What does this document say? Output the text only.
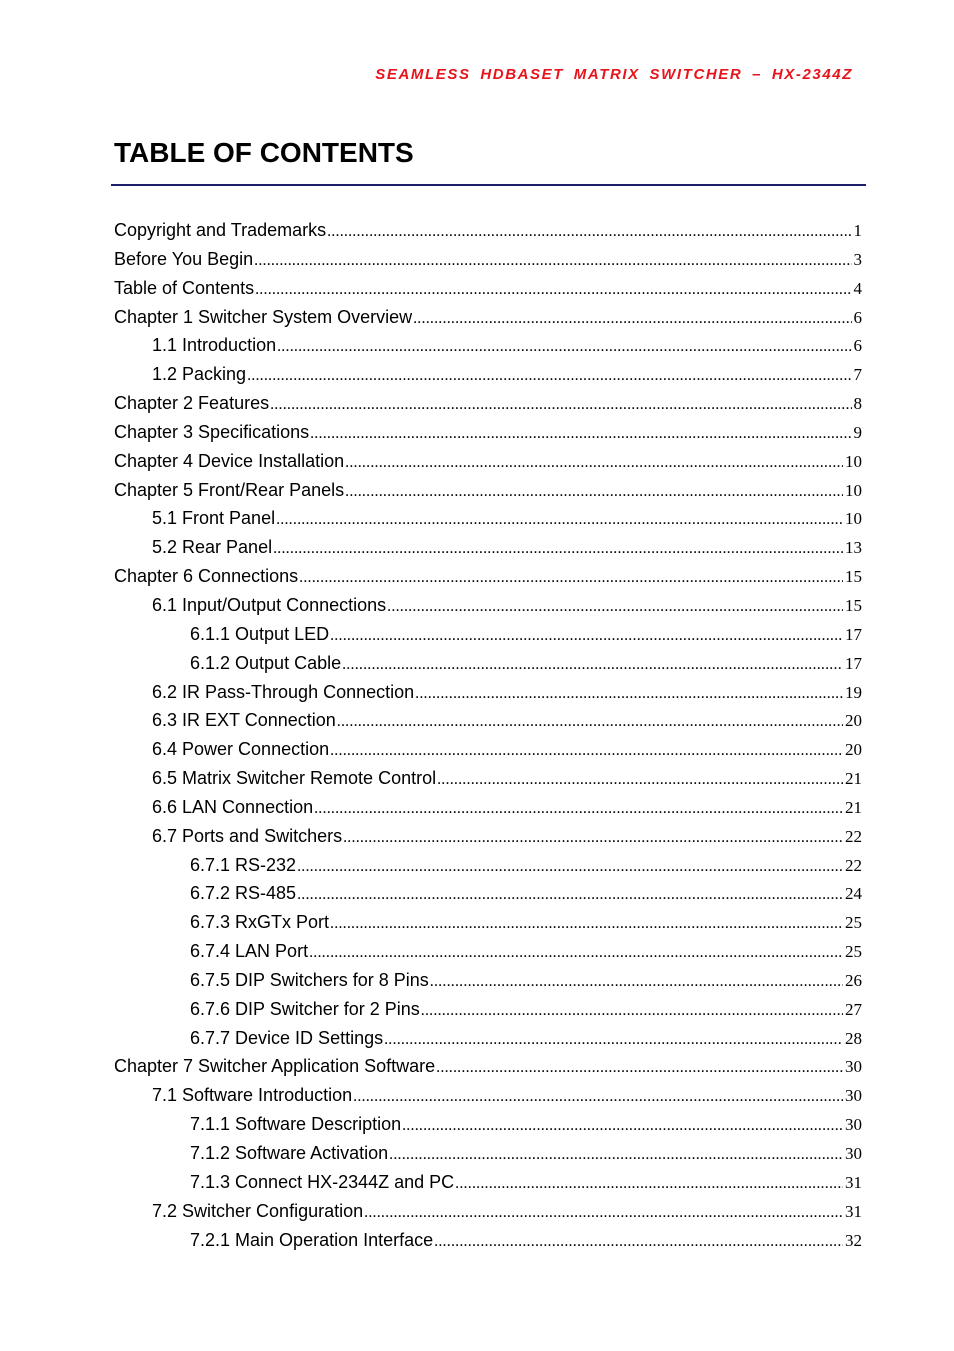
SEAMLESS HDBASET MATRIX SWITCHER – HX-2344Z
TABLE OF CONTENTS
Copyright and Trademarks .....	1
Before You Begin .....	3
Table of Contents .....	4
Chapter 1 Switcher System Overview .....	6
1.1 Introduction .....	6
1.2 Packing .....	7
Chapter 2 Features .....	8
Chapter 3 Specifications .....	9
Chapter 4 Device Installation .....	10
Chapter 5 Front/Rear Panels .....	10
5.1 Front Panel .....	10
5.2 Rear Panel .....	13
Chapter 6 Connections .....	15
6.1 Input/Output Connections .....	15
6.1.1 Output LED .....	17
6.1.2 Output Cable .....	17
6.2 IR Pass-Through Connection .....	19
6.3 IR EXT Connection .....	20
6.4 Power Connection .....	20
6.5 Matrix Switcher Remote Control .....	21
6.6 LAN Connection .....	21
6.7 Ports and Switchers .....	22
6.7.1 RS-232 .....	22
6.7.2 RS-485 .....	24
6.7.3 RxGTx Port .....	25
6.7.4 LAN Port .....	25
6.7.5 DIP Switchers for 8 Pins .....	26
6.7.6 DIP Switcher for 2 Pins .....	27
6.7.7 Device ID Settings .....	28
Chapter 7 Switcher Application Software .....	30
7.1 Software Introduction .....	30
7.1.1 Software Description .....	30
7.1.2 Software Activation .....	30
7.1.3 Connect HX-2344Z and PC .....	31
7.2 Switcher Configuration .....	31
7.2.1 Main Operation Interface .....	32
